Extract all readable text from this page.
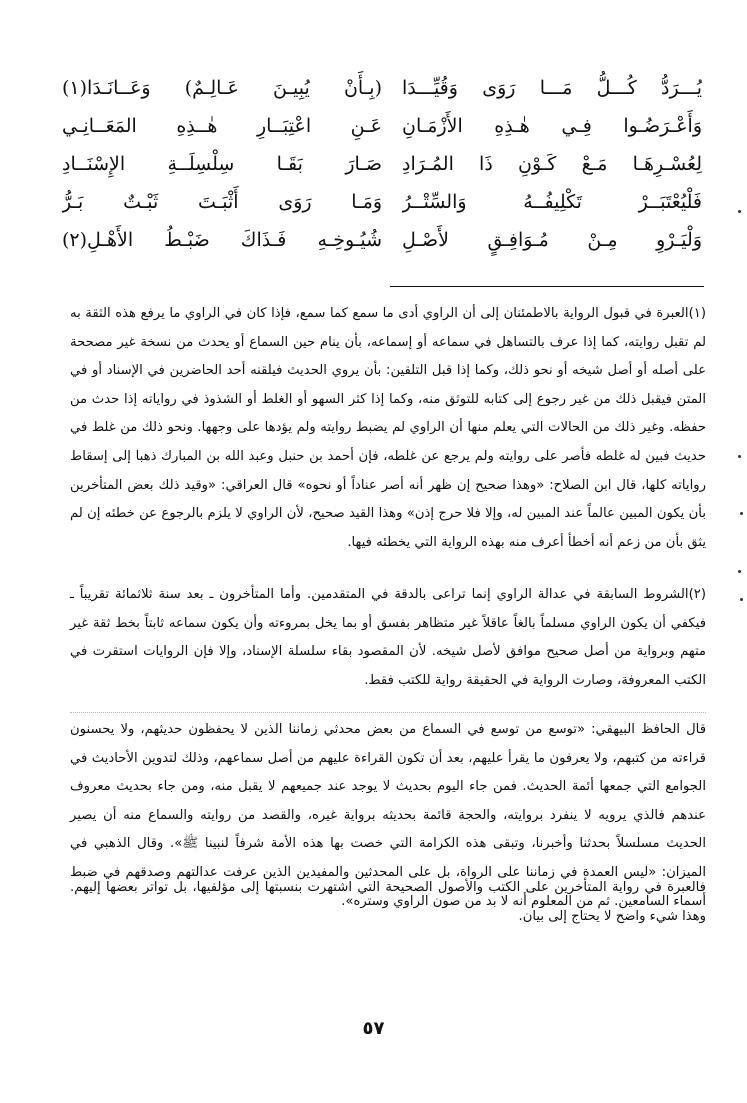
يُـــرَدُّ كُـــلُّ مَـــا رَوَى وَقُيِّـــدَا
(بِـأَنْ يُبِيـنَ عَـالِـمٌ) وَعَــانَـدَا(١)
وَأَعْـرَضُـوا فِـي هٰـذِهِ الأَزْمَـانِ
عَـنِ اعْتِبَــارِ هٰــذِهِ المَعَــانِـي
لِعُسْـرِهَـا مَـعْ كَـوْنِ ذَا المُـرَادِ
صَـارَ بَقَـا سِلْسِلَــةِ الإِسْنَــادِ
فَلْيُعْتَبَــرْ تَكْلِيفُــهُ وَالسِّتْــرُ
وَمَـا رَوَى أَثْبَـتَ ثَبْـتٌ بَـرُّ
وَلْيَـرْوِ مِـنْ مُـوَافِـقٍ لأَصْـلِ
شُيُـوخِـهِ فَـذَاكَ ضَبْـطُ الأَهْـلِ(٢)

(١)العبرة في قبول الرواية بالاطمئنان إلى أن الراوي أدى ما سمع كما سمع، فإذا كان في الراوي ما يرفع هذه الثقة به لم تقبل روايته، كما إذا عرف بالتساهل في سماعه أو إسماعه، بأن ينام حين السماع أو يحدث من نسخة غير مصححة على أصله أو أصل شيخه أو نحو ذلك، وكما إذا قبل التلقين: بأن يروي الحديث فيلقنه أحد الحاضرين في الإسناد أو في المتن فيقبل ذلك من غير رجوع إلى كتابه للتوثق منه، وكما إذا كثر السهو أو الغلط أو الشذوذ في رواياته إذا حدث من حفظه. وغير ذلك من الحالات التي يعلم منها أن الراوي لم يضبط روايته ولم يؤدها على وجهها. ونحو ذلك من غلط في حديث فبين له غلطه فأصر على روايته ولم يرجع عن غلطه، فإن أحمد بن حنبل وعبد الله بن المبارك ذهبا إلى إسقاط رواياته كلها، قال ابن الصلاح: «وهذا صحيح إن ظهر أنه أصر عناداً أو نحوه» قال العراقي: «وقيد ذلك بعض المتأخرين بأن يكون المبين عالماً عند المبين له، وإلا فلا حرج إذن» وهذا القيد صحيح، لأن الراوي لا يلزم بالرجوع عن خطئه إن لم يثق بأن من زعم أنه أخطأ أعرف منه بهذه الرواية التي يخطئه فيها.

(٢)الشروط السابقة في عدالة الراوي إنما تراعى بالدقة في المتقدمين. وأما المتأخرون ـ بعد سنة ثلاثمائة تقريباً ـ فيكفي أن يكون الراوي مسلماً بالغاً عاقلاً غير متظاهر بفسق أو بما يخل بمروءته وأن يكون سماعه ثابتاً بخط ثقة غير متهم وبرواية من أصل صحيح موافق لأصل شيخه. لأن المقصود بقاء سلسلة الإسناد، وإلا فإن الروايات استقرت في الكتب المعروفة، وصارت الرواية في الحقيقة رواية للكتب فقط.

قال الحافظ البيهقي: «توسع من توسع في السماع من بعض محدثي زماننا الذين لا يحفظون حديثهم، ولا يحسنون قراءته من كتبهم، ولا يعرفون ما يقرأ عليهم، بعد أن تكون القراءة عليهم من أصل سماعهم، وذلك لتدوين الأحاديث في الجوامع التي جمعها أئمة الحديث. فمن جاء اليوم بحديث لا يوجد عند جميعهم لا يقبل منه، ومن جاء بحديث معروف عندهم فالذي يرويه لا ينفرد بروايته، والحجة قائمة بحديثه برواية غيره، والقصد من روايته والسماع منه أن يصير الحديث مسلسلاً بحدثنا وأخبرنا، وتبقى هذه الكرامة التي خصت بها هذه الأمة شرفاً لنبينا ﷺ». وقال الذهبي في الميزان: «ليس العمدة في زماننا على الرواة، بل على المحدثين والمفيدين الذين عرفت عدالتهم وصدقهم في ضبط أسماء السامعين. ثم من المعلوم أنه لا بد من صون الراوي وستره».

فالعبرة في رواية المتأخرين على الكتب والأصول الصحيحة التي اشتهرت بنسبتها إلى مؤلفيها، بل تواتر بعضها إليهم. وهذا شيء واضح لا يحتاج إلى بيان.

٥٧
